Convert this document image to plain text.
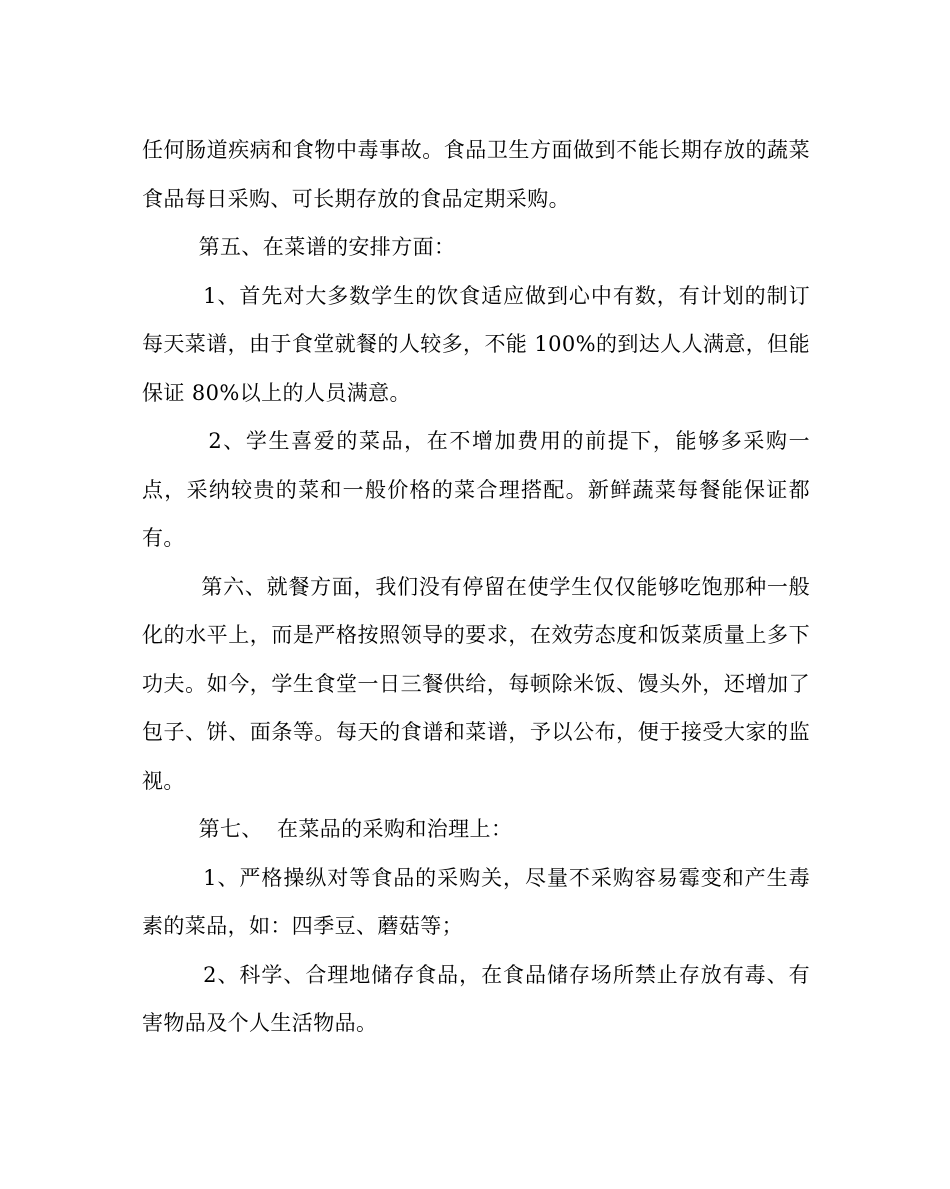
任何肠道疾病和食物中毒事故。食品卫生方面做到不能长期存放的蔬菜食品每日采购、可长期存放的食品定期采购。

第五、在菜谱的安排方面：

1、首先对大多数学生的饮食适应做到心中有数，有计划的制订每天菜谱，由于食堂就餐的人较多，不能 100%的到达人人满意，但能保证 80%以上的人员满意。

2、学生喜爱的菜品，在不增加费用的前提下，能够多采购一点，采纳较贵的菜和一般价格的菜合理搭配。新鲜蔬菜每餐能保证都有。

第六、就餐方面，我们没有停留在使学生仅仅能够吃饱那种一般化的水平上，而是严格按照领导的要求，在效劳态度和饭菜质量上多下功夫。如今，学生食堂一日三餐供给，每顿除米饭、馒头外，还增加了包子、饼、面条等。每天的食谱和菜谱，予以公布，便于接受大家的监视。

第七、  在菜品的采购和治理上：

1、严格操纵对等食品的采购关，尽量不采购容易霉变和产生毒素的菜品，如：四季豆、蘑菇等；

2、科学、合理地储存食品，在食品储存场所禁止存放有毒、有害物品及个人生活物品。
